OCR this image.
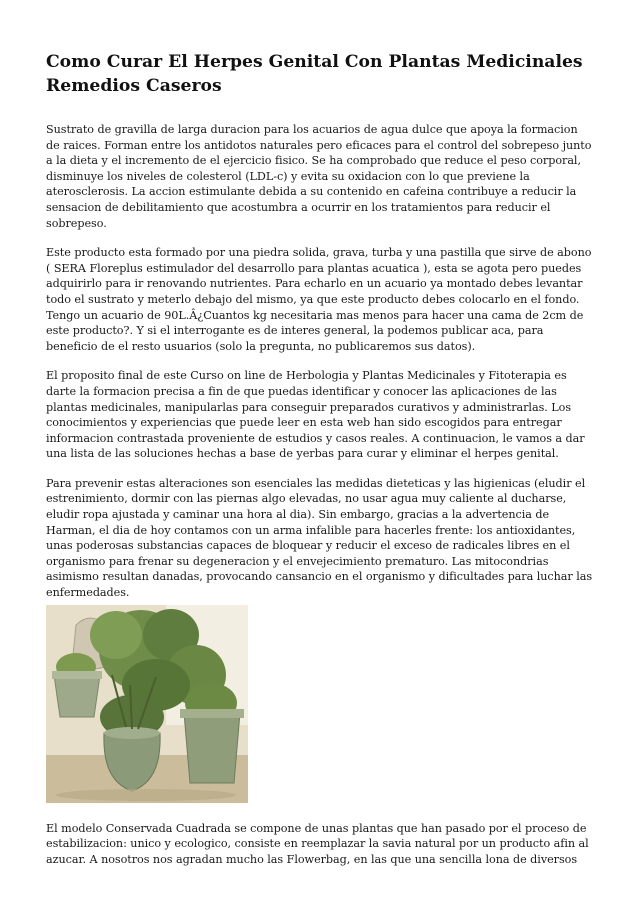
Como Curar El Herpes Genital Con Plantas Medicinales Remedios Caseros

Sustrato de gravilla de larga duracion para los acuarios de agua dulce que apoya la formacion de raices. Forman entre los antidotos naturales pero eficaces para el control del sobrepeso junto a la dieta y el incremento de el ejercicio fisico. Se ha comprobado que reduce el peso corporal, disminuye los niveles de colesterol (LDL-c) y evita su oxidacion con lo que previene la aterosclerosis. La accion estimulante debida a su contenido en cafeina contribuye a reducir la sensacion de debilitamiento que acostumbra a ocurrir en los tratamientos para reducir el sobrepeso.

Este producto esta formado por una piedra solida, grava, turba y una pastilla que sirve de abono ( SERA Floreplus estimulador del desarrollo para plantas acuatica ), esta se agota pero puedes adquirirlo para ir renovando nutrientes. Para echarlo en un acuario ya montado debes levantar todo el sustrato y meterlo debajo del mismo, ya que este producto debes colocarlo en el fondo. Tengo un acuario de 90L.Â¿Cuantos kg necesitaria mas menos para hacer una cama de 2cm de este producto?. Y si el interrogante es de interes general, la podemos publicar aca, para beneficio de el resto usuarios (solo la pregunta, no publicaremos sus datos).

El proposito final de este Curso on line de Herbologia y Plantas Medicinales y Fitoterapia es darte la formacion precisa a fin de que puedas identificar y conocer las aplicaciones de las plantas medicinales, manipularlas para conseguir preparados curativos y administrarlas. Los conocimientos y experiencias que puede leer en esta web han sido escogidos para entregar informacion contrastada proveniente de estudios y casos reales. A continuacion, le vamos a dar una lista de las soluciones hechas a base de yerbas para curar y eliminar el herpes genital.

Para prevenir estas alteraciones son esenciales las medidas dieteticas y las higienicas (eludir el estrenimiento, dormir con las piernas algo elevadas, no usar agua muy caliente al ducharse, eludir ropa ajustada y caminar una hora al dia). Sin embargo, gracias a la advertencia de Harman, el dia de hoy contamos con un arma infalible para hacerles frente: los antioxidantes, unas poderosas substancias capaces de bloquear y reducir el exceso de radicales libres en el organismo para frenar su degeneracion y el envejecimiento prematuro. Las mitocondrias asimismo resultan danadas, provocando cansancio en el organismo y dificultades para luchar las enfermedades.

El modelo Conservada Cuadrada se compone de unas plantas que han pasado por el proceso de estabilizacion: unico y ecologico, consiste en reemplazar la savia natural por un producto afin al azucar. A nosotros nos agradan mucho las Flowerbag, en las que una sencilla lona de diversos
